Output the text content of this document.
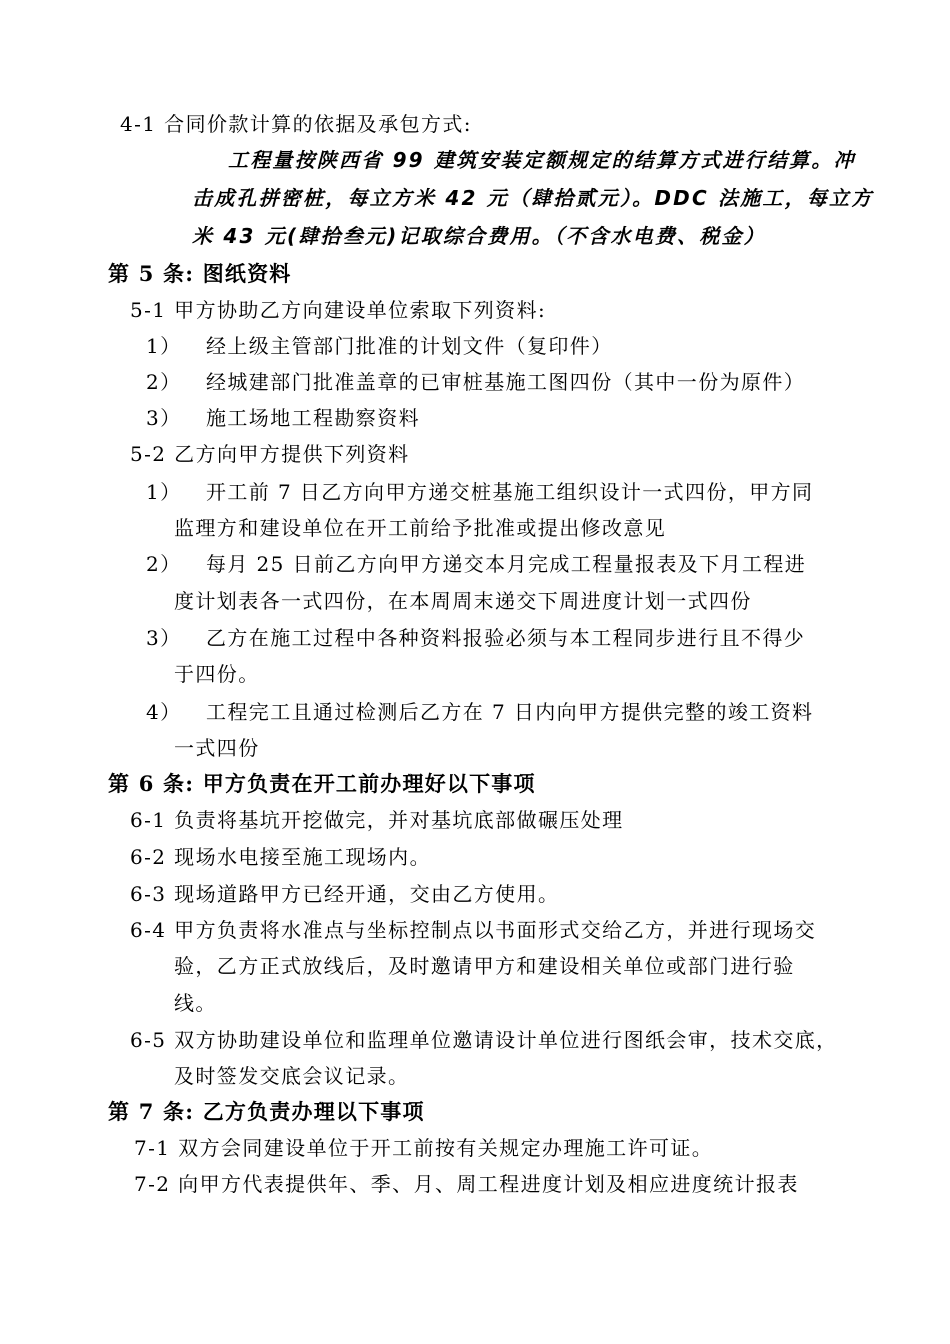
4-1 合同价款计算的依据及承包方式:
工程量按陕西省 99 建筑安装定额规定的结算方式进行结算。冲
击成孔拼密桩，每立方米 42 元（肆拾贰元）。DDC 法施工，每立方
米 43 元(肆拾叁元)记取综合费用。（不含水电费、税金）
第 5 条: 图纸资料
5-1 甲方协助乙方向建设单位索取下列资料:
1） 经上级主管部门批准的计划文件（复印件）
2） 经城建部门批准盖章的已审桩基施工图四份（其中一份为原件）
3） 施工场地工程勘察资料
5-2 乙方向甲方提供下列资料
1） 开工前 7 日乙方向甲方递交桩基施工组织设计一式四份，甲方同
监理方和建设单位在开工前给予批准或提出修改意见
2） 每月 25 日前乙方向甲方递交本月完成工程量报表及下月工程进
度计划表各一式四份，在本周周末递交下周进度计划一式四份
3） 乙方在施工过程中各种资料报验必须与本工程同步进行且不得少
于四份。
4） 工程完工且通过检测后乙方在 7 日内向甲方提供完整的竣工资料
一式四份
第 6 条: 甲方负责在开工前办理好以下事项
6-1 负责将基坑开挖做完，并对基坑底部做碾压处理
6-2 现场水电接至施工现场内。
6-3 现场道路甲方已经开通，交由乙方使用。
6-4 甲方负责将水准点与坐标控制点以书面形式交给乙方，并进行现场交
验，乙方正式放线后，及时邀请甲方和建设相关单位或部门进行验
线。
6-5 双方协助建设单位和监理单位邀请设计单位进行图纸会审，技术交底，
及时签发交底会议记录。
第 7 条: 乙方负责办理以下事项
7-1 双方会同建设单位于开工前按有关规定办理施工许可证。
7-2 向甲方代表提供年、季、月、周工程进度计划及相应进度统计报表
